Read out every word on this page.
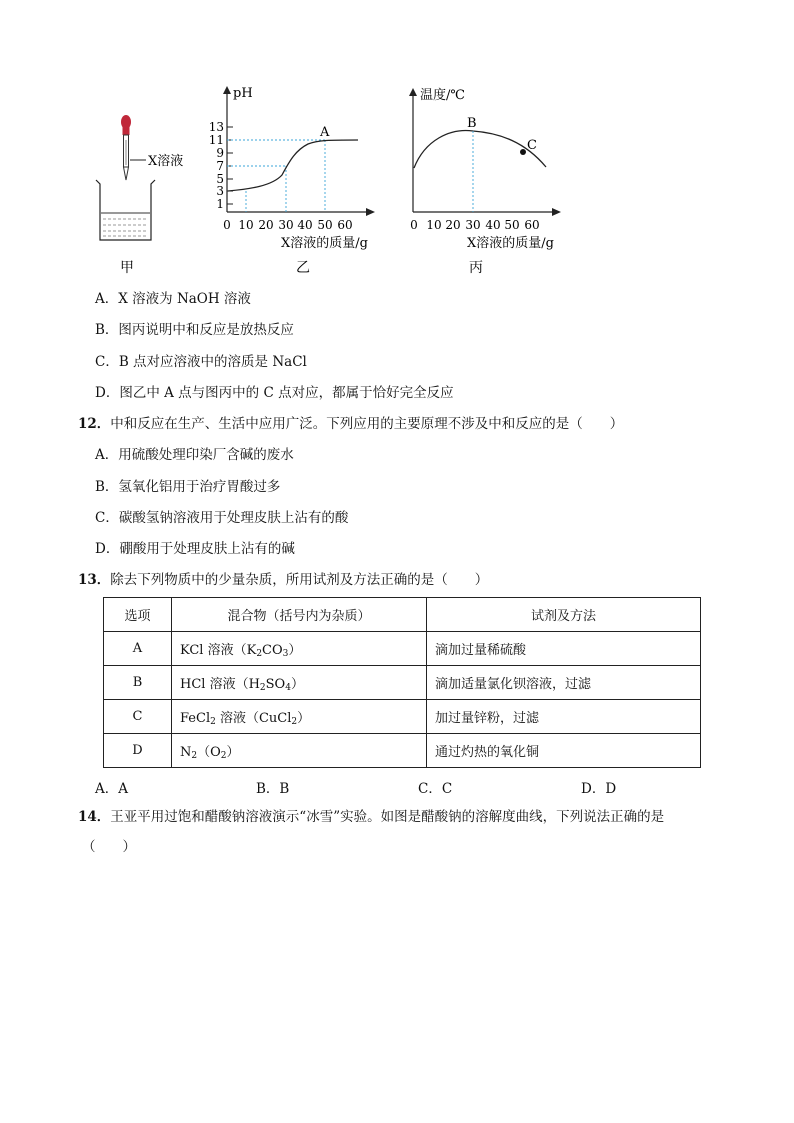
X溶液
甲
pH
13
11
9
7
5
3
1
0 10 20 30 40 50 60
A
X溶液的质量/g
乙
温度/℃
0 10 20 30 40 50 60
B
C
X溶液的质量/g
丙
A．X 溶液为 NaOH 溶液
B．图丙说明中和反应是放热反应
C．B 点对应溶液中的溶质是 NaCl
D．图乙中 A 点与图丙中的 C 点对应，都属于恰好完全反应
12．中和反应在生产、生活中应用广泛。下列应用的主要原理不涉及中和反应的是（　　）
A．用硫酸处理印染厂含碱的废水
B．氢氧化铝用于治疗胃酸过多
C．碳酸氢钠溶液用于处理皮肤上沾有的酸
D．硼酸用于处理皮肤上沾有的碱
13．除去下列物质中的少量杂质，所用试剂及方法正确的是（　　）
选项	混合物（括号内为杂质）	试剂及方法
A	KCl 溶液$(K_2CO_3)$	滴加过量稀硫酸
B	HCl 溶液$(H_2SO_4)$	滴加适量氯化钡溶液，过滤
C	FeCl$_2$ 溶液（CuCl$_2$）	加过量锌粉，过滤
D	$N_2(O_2)$	通过灼热的氧化铜
A．A	B．B	C．C	D．D
14．王亚平用过饱和醋酸钠溶液演示“冰雪”实验。如图是醋酸钠的溶解度曲线，下列说法正确的是
（　　）
